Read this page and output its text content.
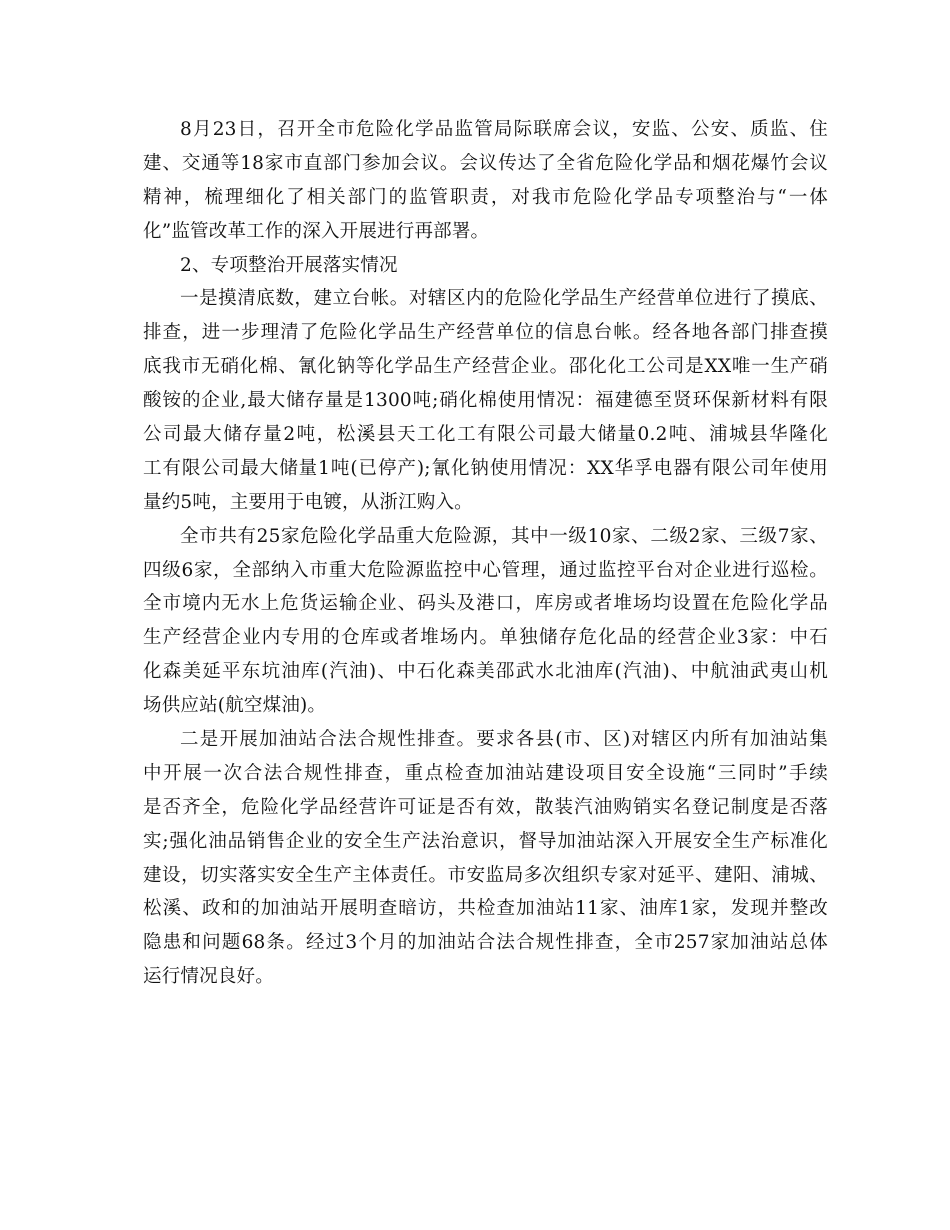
8月23日，召开全市危险化学品监管局际联席会议，安监、公安、质监、住
建、交通等18家市直部门参加会议。会议传达了全省危险化学品和烟花爆竹会议
精神，梳理细化了相关部门的监管职责，对我市危险化学品专项整治与“一体
化”监管改革工作的深入开展进行再部署。
2、专项整治开展落实情况
一是摸清底数，建立台帐。对辖区内的危险化学品生产经营单位进行了摸底、
排查，进一步理清了危险化学品生产经营单位的信息台帐。经各地各部门排查摸
底我市无硝化棉、氰化钠等化学品生产经营企业。邵化化工公司是XX唯一生产硝
酸铵的企业,最大储存量是1300吨;硝化棉使用情况：福建德至贤环保新材料有限
公司最大储存量2吨，松溪县天工化工有限公司最大储量0.2吨、浦城县华隆化
工有限公司最大储量1吨(已停产);氰化钠使用情况：XX华孚电器有限公司年使用
量约5吨，主要用于电镀，从浙江购入。
全市共有25家危险化学品重大危险源，其中一级10家、二级2家、三级7家、
四级6家，全部纳入市重大危险源监控中心管理，通过监控平台对企业进行巡检。
全市境内无水上危货运输企业、码头及港口，库房或者堆场均设置在危险化学品
生产经营企业内专用的仓库或者堆场内。单独储存危化品的经营企业3家：中石
化森美延平东坑油库(汽油)、中石化森美邵武水北油库(汽油)、中航油武夷山机
场供应站(航空煤油)。
二是开展加油站合法合规性排查。要求各县(市、区)对辖区内所有加油站集
中开展一次合法合规性排查，重点检查加油站建设项目安全设施“三同时”手续
是否齐全，危险化学品经营许可证是否有效，散装汽油购销实名登记制度是否落
实;强化油品销售企业的安全生产法治意识，督导加油站深入开展安全生产标准化
建设，切实落实安全生产主体责任。市安监局多次组织专家对延平、建阳、浦城、
松溪、政和的加油站开展明查暗访，共检查加油站11家、油库1家，发现并整改
隐患和问题68条。经过3个月的加油站合法合规性排查，全市257家加油站总体
运行情况良好。
